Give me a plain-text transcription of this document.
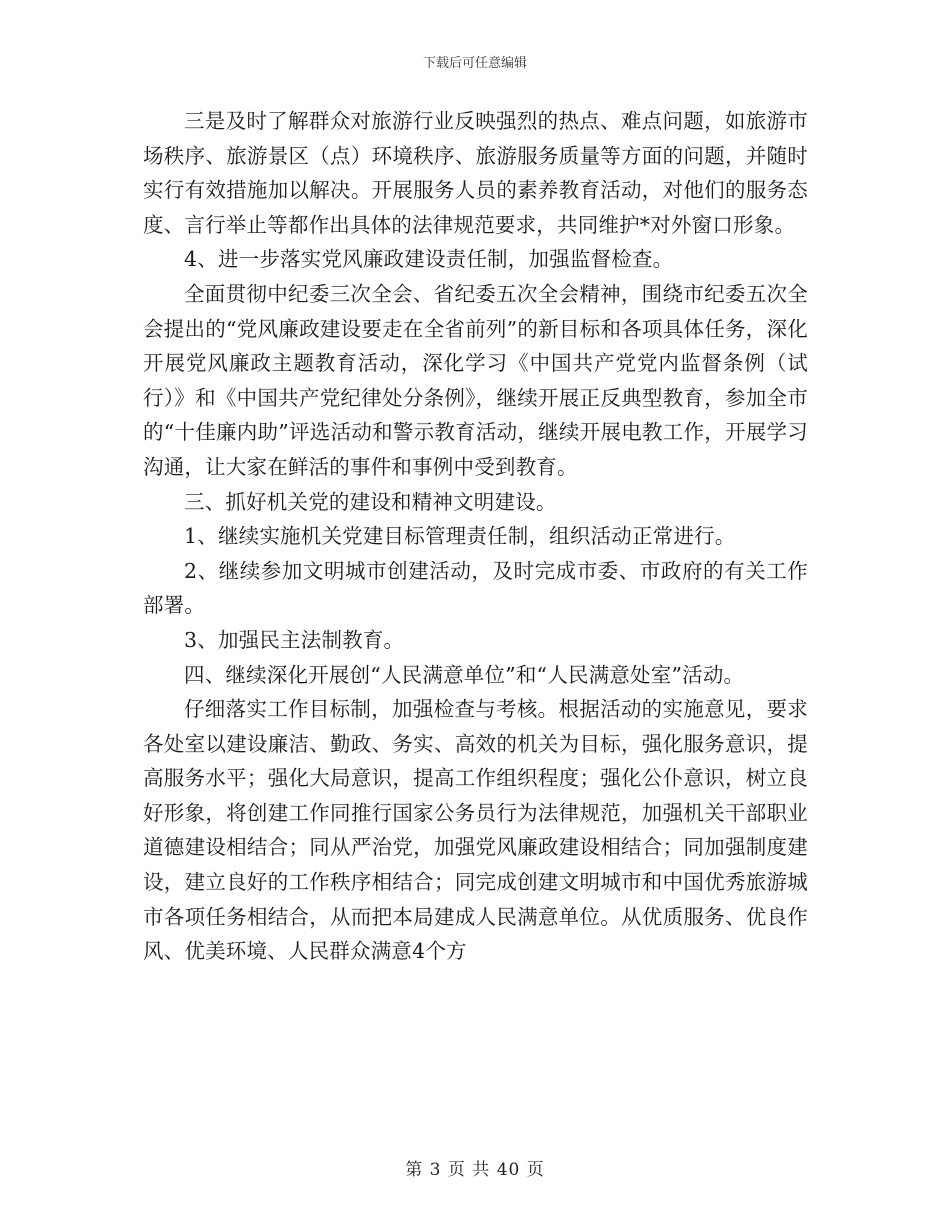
下载后可任意编辑

三是及时了解群众对旅游行业反映强烈的热点、难点问题，如旅游市场秩序、旅游景区（点）环境秩序、旅游服务质量等方面的问题，并随时实行有效措施加以解决。开展服务人员的素养教育活动，对他们的服务态度、言行举止等都作出具体的法律规范要求，共同维护*对外窗口形象。

4、进一步落实党风廉政建设责任制，加强监督检查。

全面贯彻中纪委三次全会、省纪委五次全会精神，围绕市纪委五次全会提出的“党风廉政建设要走在全省前列”的新目标和各项具体任务，深化开展党风廉政主题教育活动，深化学习《中国共产党党内监督条例（试行）》和《中国共产党纪律处分条例》，继续开展正反典型教育，参加全市的“十佳廉内助”评选活动和警示教育活动，继续开展电教工作，开展学习沟通，让大家在鲜活的事件和事例中受到教育。

三、抓好机关党的建设和精神文明建设。

1、继续实施机关党建目标管理责任制，组织活动正常进行。

2、继续参加文明城市创建活动，及时完成市委、市政府的有关工作部署。

3、加强民主法制教育。

四、继续深化开展创“人民满意单位”和“人民满意处室”活动。

仔细落实工作目标制，加强检查与考核。根据活动的实施意见，要求各处室以建设廉洁、勤政、务实、高效的机关为目标，强化服务意识，提高服务水平；强化大局意识，提高工作组织程度；强化公仆意识，树立良好形象，将创建工作同推行国家公务员行为法律规范，加强机关干部职业道德建设相结合；同从严治党，加强党风廉政建设相结合；同加强制度建设，建立良好的工作秩序相结合；同完成创建文明城市和中国优秀旅游城市各项任务相结合，从而把本局建成人民满意单位。从优质服务、优良作风、优美环境、人民群众满意4个方

第 3 页 共 40 页
